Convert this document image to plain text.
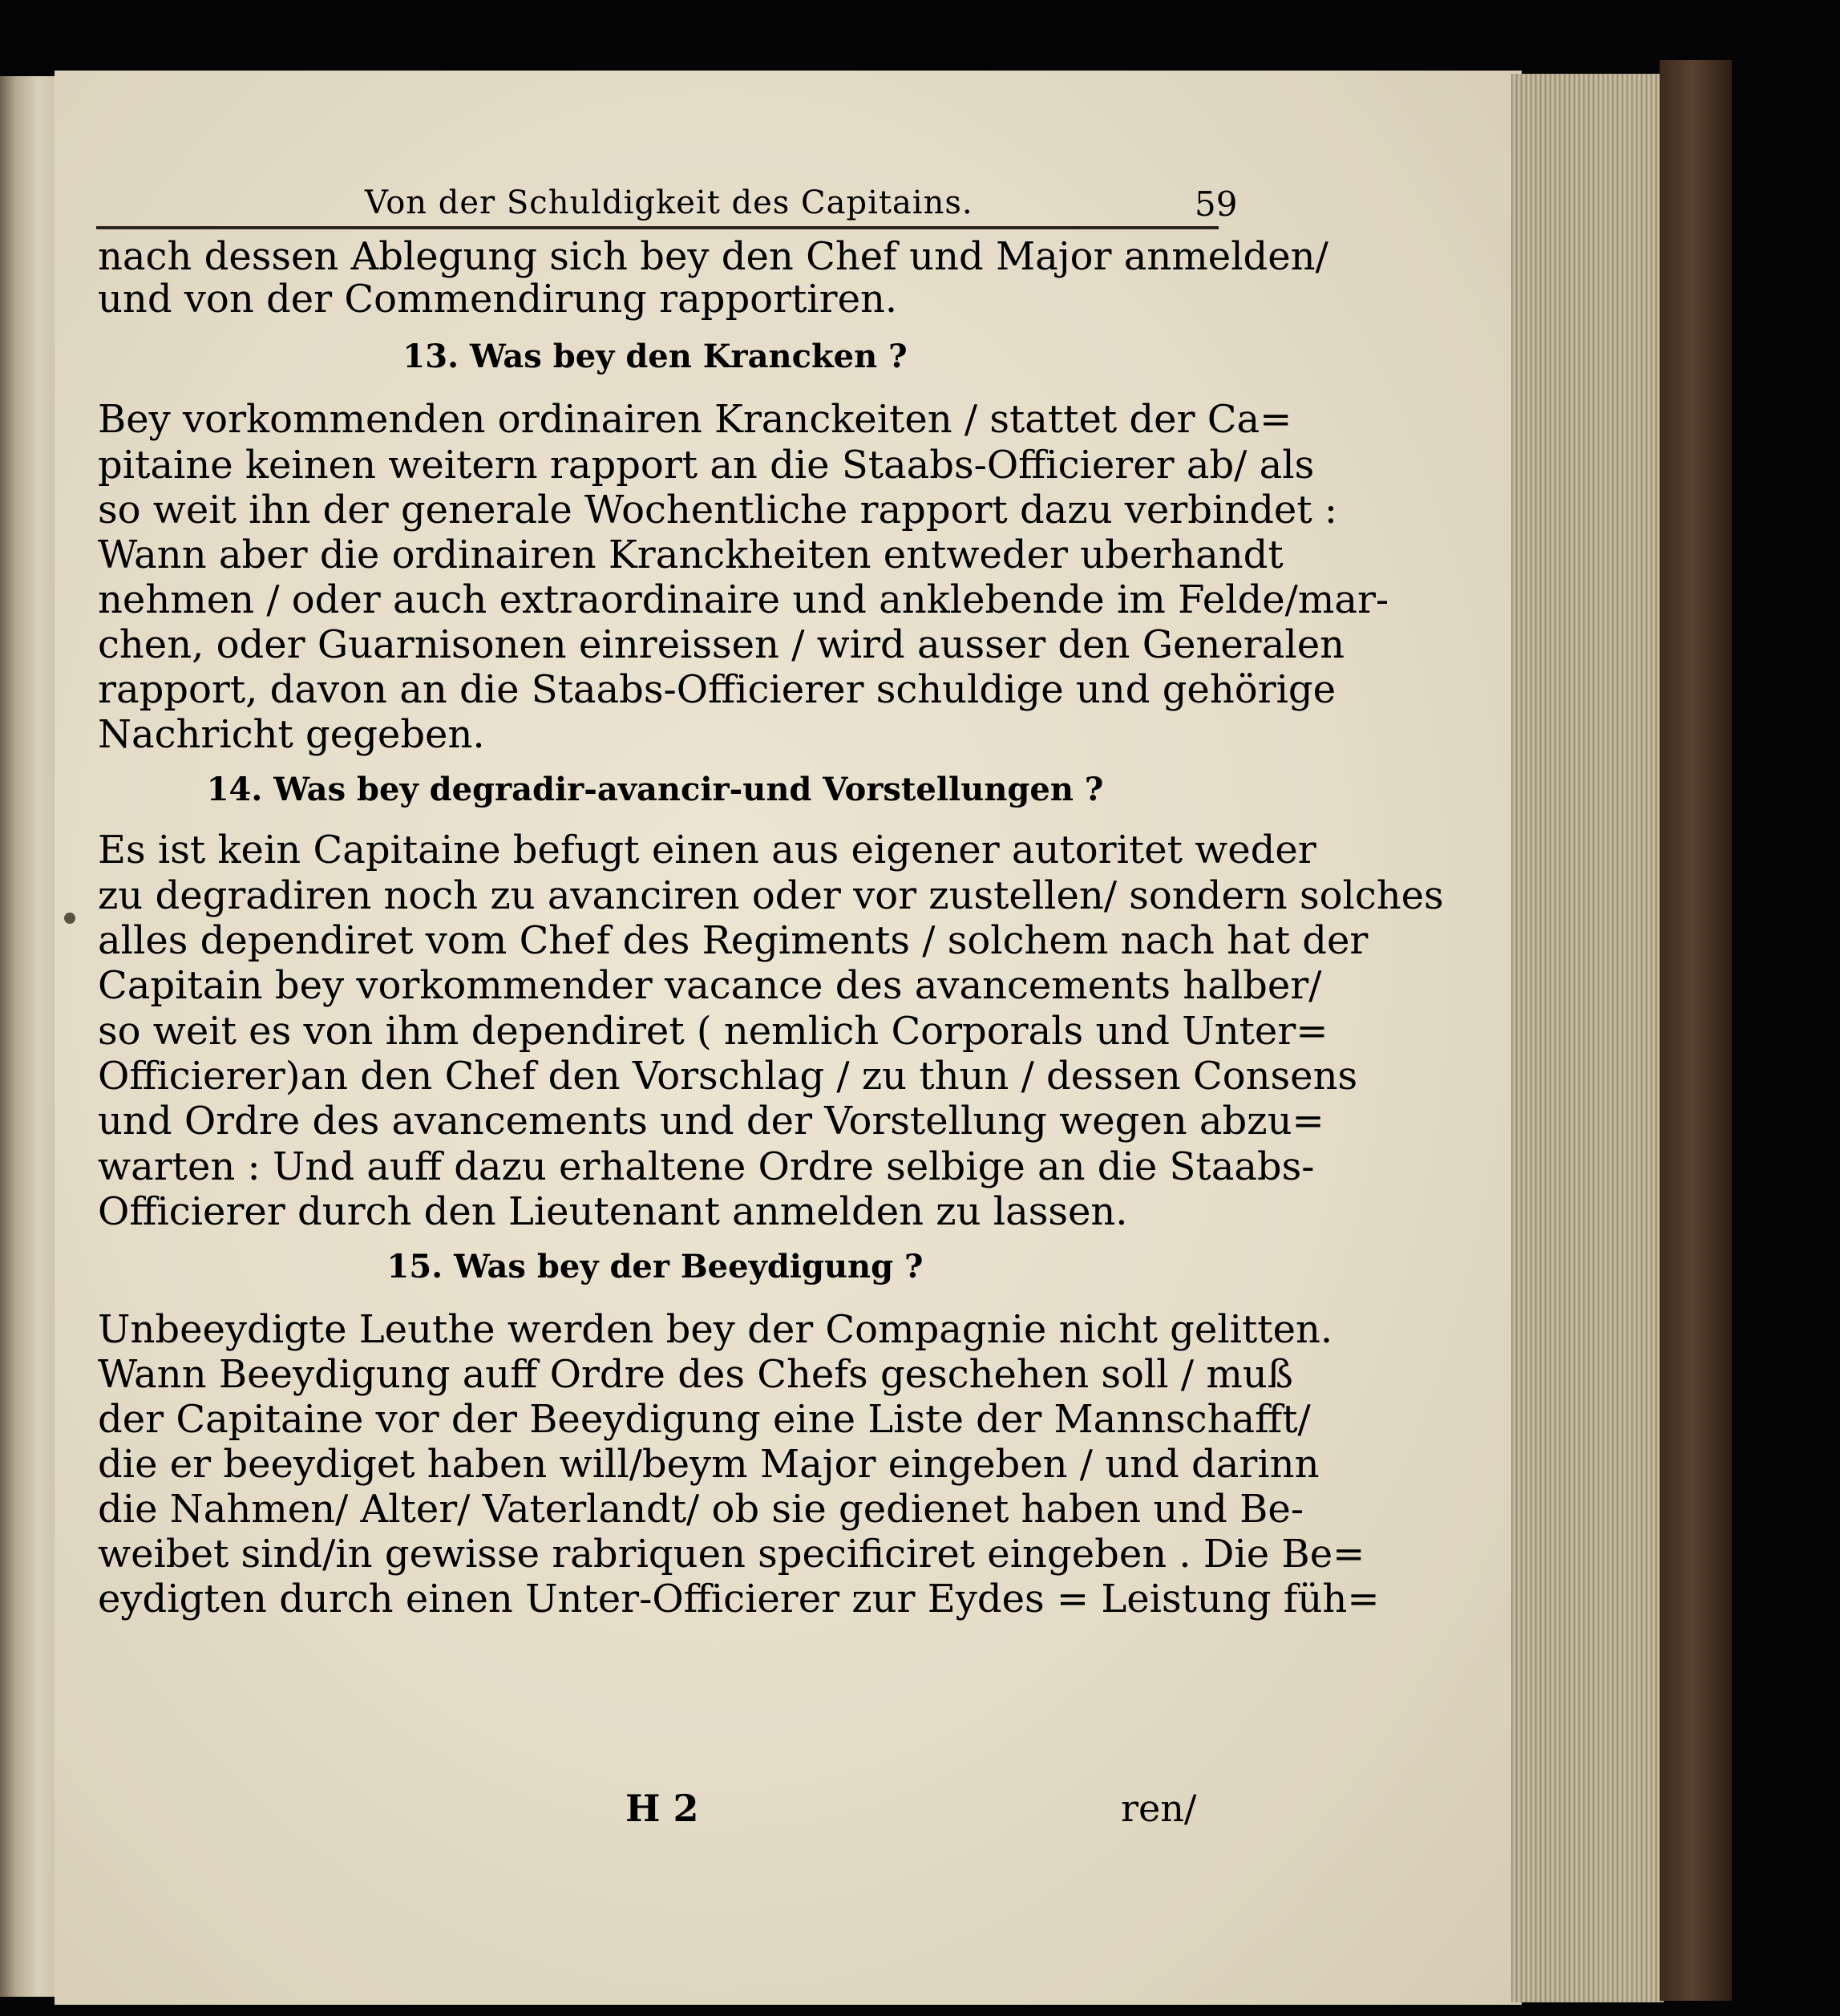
Von der Schuldigkeit des Capitains.	59
nach dessen Ablegung sich bey den Chef und Major anmelden/
und von der Commendirung rapportiren.
13. Was bey den Krancken ?
Bey vorkommenden ordinairen Kranckeiten / stattet der Ca=
pitaine keinen weitern rapport an die Staabs-Officierer ab/ als
so weit ihn der generale Wochentliche rapport dazu verbindet :
Wann aber die ordinairen Kranckheiten entweder uberhandt
nehmen / oder auch extraordinaire und anklebende im Felde/mar-
chen, oder Guarnisonen einreissen / wird ausser den Generalen
rapport, davon an die Staabs-Officierer schuldige und gehörige
Nachricht gegeben.
14. Was bey degradir-avancir-und Vorstellungen ?
Es ist kein Capitaine befugt einen aus eigener autoritet weder
zu degradiren noch zu avanciren oder vor zustellen/ sondern solches
alles dependiret vom Chef des Regiments / solchem nach hat der
Capitain bey vorkommender vacance des avancements halber/
so weit es von ihm dependiret ( nemlich Corporals und Unter=
Officierer)an den Chef den Vorschlag / zu thun / dessen Consens
und Ordre des avancements und der Vorstellung wegen abzu=
warten : Und auff dazu erhaltene Ordre selbige an die Staabs-
Officierer durch den Lieutenant anmelden zu lassen.
15. Was bey der Beeydigung ?
Unbeeydigte Leuthe werden bey der Compagnie nicht gelitten.
Wann Beeydigung auff Ordre des Chefs geschehen soll / muß
der Capitaine vor der Beeydigung eine Liste der Mannschafft/
die er beeydiget haben will/beym Major eingeben / und darinn
die Nahmen/ Alter/ Vaterlandt/ ob sie gedienet haben und Be-
weibet sind/in gewisse rabriquen specificiret eingeben . Die Be=
eydigten durch einen Unter-Officierer zur Eydes = Leistung füh=
H 2	ren/
